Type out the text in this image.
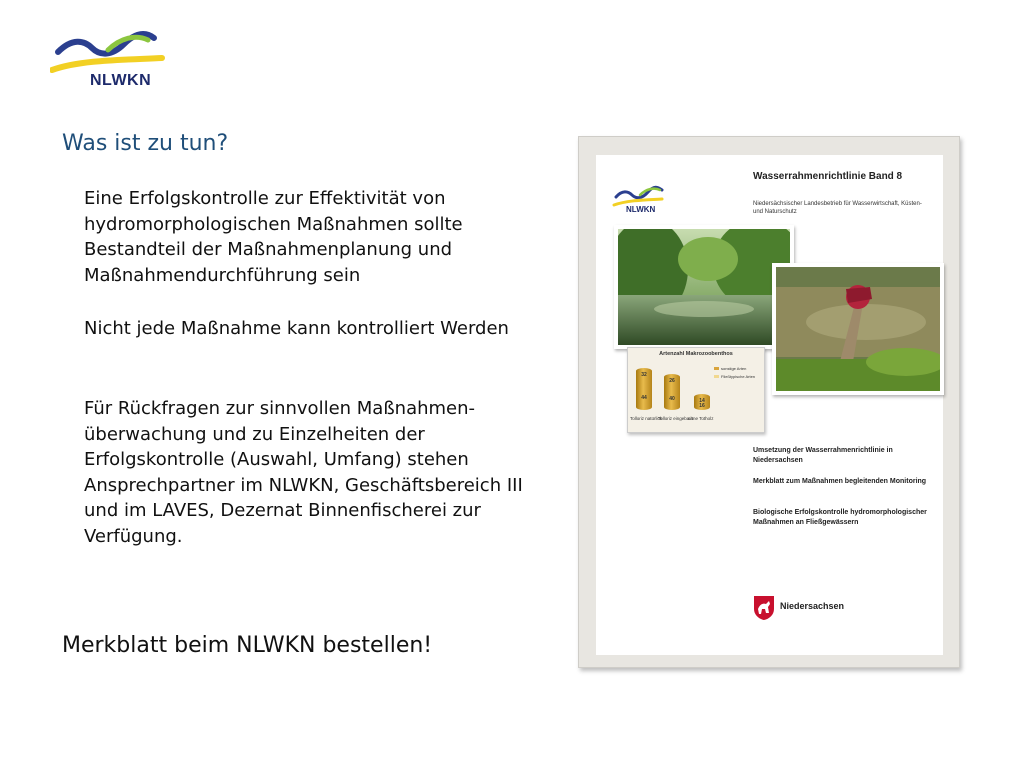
NLWKN
Was ist zu tun?

Eine Erfolgskontrolle zur Effektivität von hydromorphologischen Maßnahmen sollte Bestandteil der Maßnahmenplanung und Maßnahmendurchführung sein

Nicht jede Maßnahme kann kontrolliert Werden

Für Rückfragen zur sinnvollen Maßnahmen-überwachung und zu Einzelheiten der Erfolgskontrolle (Auswahl, Umfang) stehen Ansprechpartner im NLWKN, Geschäftsbereich III und im LAVES, Dezernat Binnenfischerei zur Verfügung.

Merkblatt beim NLWKN bestellen!

NLWKN
Wasserrahmenrichtlinie Band 8
Niedersächsischer Landesbetrieb für Wasserwirtschaft, Küsten- und Naturschutz
Artenzahl Makrozoobenthos
32
44
Tolloriz natürlich
26
40
Tolloriz eingebaut
14
16
ohne Totholz
sonstige Arten
Fließtypische Arten
Umsetzung der Wasserrahmenrichtlinie in Niedersachsen
Merkblatt zum Maßnahmen begleitenden Monitoring
Biologische Erfolgskontrolle hydromorphologischer Maßnahmen an Fließgewässern
Niedersachsen
